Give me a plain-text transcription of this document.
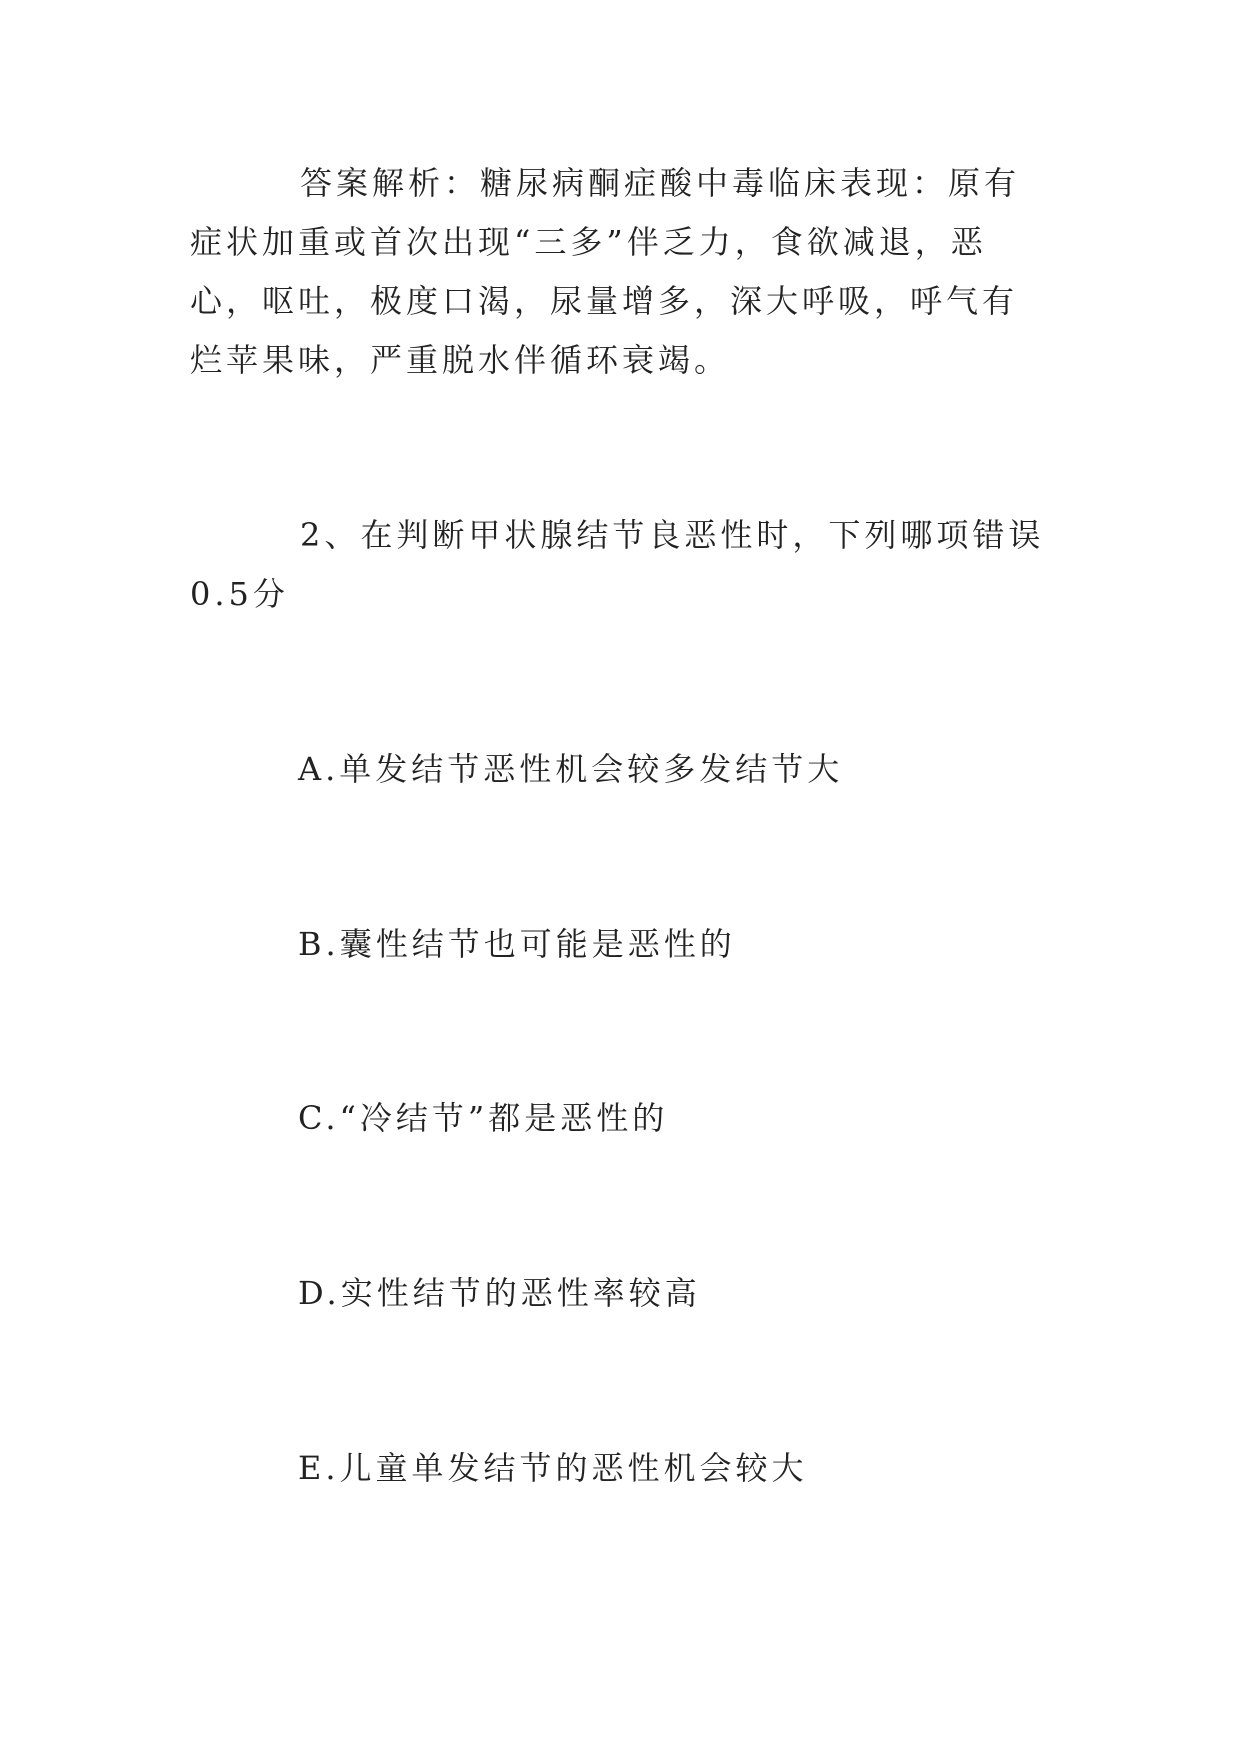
答案解析：糖尿病酮症酸中毒临床表现：原有症状加重或首次出现“三多”伴乏力，食欲减退，恶心，呕吐，极度口渴，尿量增多，深大呼吸，呼气有烂苹果味，严重脱水伴循环衰竭。

2、在判断甲状腺结节良恶性时，下列哪项错误 0.5分

A.单发结节恶性机会较多发结节大

B.囊性结节也可能是恶性的

C.“冷结节”都是恶性的

D.实性结节的恶性率较高

E.儿童单发结节的恶性机会较大
